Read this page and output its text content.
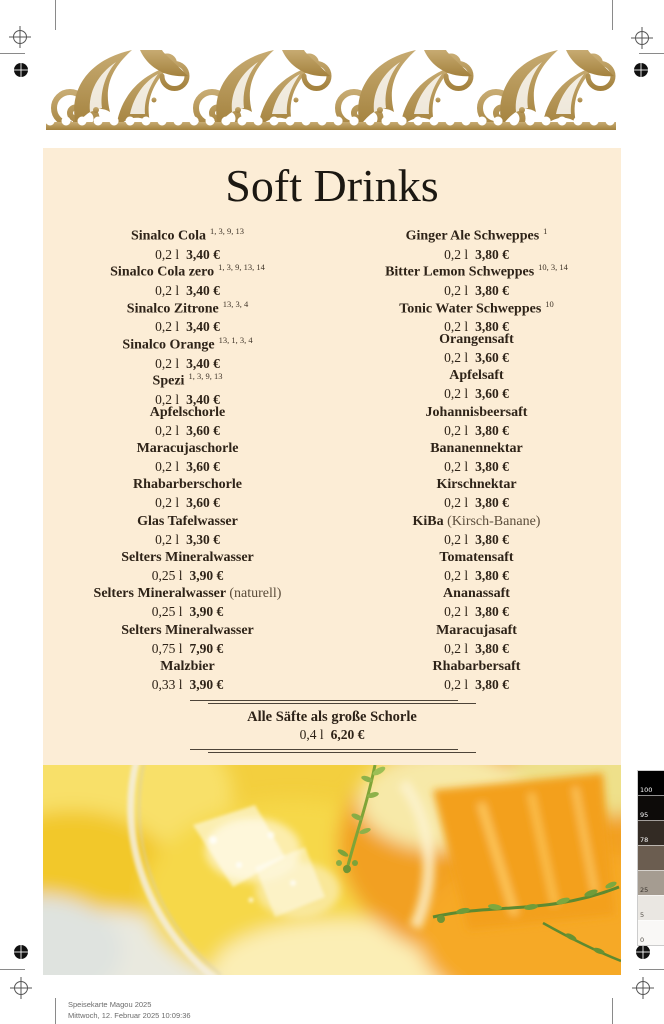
Soft Drinks
Sinalco Cola $^{1, 3, 9, 13}$
0,2 l 3,40 €
Sinalco Cola zero $^{1, 3, 9, 13, 14}$
0,2 l 3,40 €
Sinalco Zitrone $^{13, 3, 4}$
0,2 l 3,40 €
Sinalco Orange $^{13, 1, 3, 4}$
0,2 l 3,40 €
Spezi $^{1, 3, 9, 13}$
0,2 l 3,40 €
Apfelschorle
0,2 l 3,60 €
Maracujaschorle
0,2 l 3,60 €
Rhabarberschorle
0,2 l 3,60 €
Glas Tafelwasser
0,2 l 3,30 €
Selters Mineralwasser
0,25 l 3,90 €
Selters Mineralwasser (naturell)
0,25 l 3,90 €
Selters Mineralwasser
0,75 l 7,90 €
Malzbier
0,33 l 3,90 €
Ginger Ale Schweppes $^1$
0,2 l 3,80 €
Bitter Lemon Schweppes $^{10, 3, 14}$
0,2 l 3,80 €
Tonic Water Schweppes $^{10}$
0,2 l 3,80 €
Orangensaft
0,2 l 3,60 €
Apfelsaft
0,2 l 3,60 €
Johannisbeersaft
0,2 l 3,80 €
Bananennektar
0,2 l 3,80 €
Kirschnektar
0,2 l 3,80 €
KiBa (Kirsch-Banane)
0,2 l 3,80 €
Tomatensaft
0,2 l 3,80 €
Ananassaft
0,2 l 3,80 €
Maracujasaft
0,2 l 3,80 €
Rhabarbersaft
0,2 l 3,80 €
Alle Säfte als große Schorle
0,4 l 6,20 €
100
95
78
25
5
0
Speisekarte Magou 2025
Mittwoch, 12. Februar 2025 10:09:36
